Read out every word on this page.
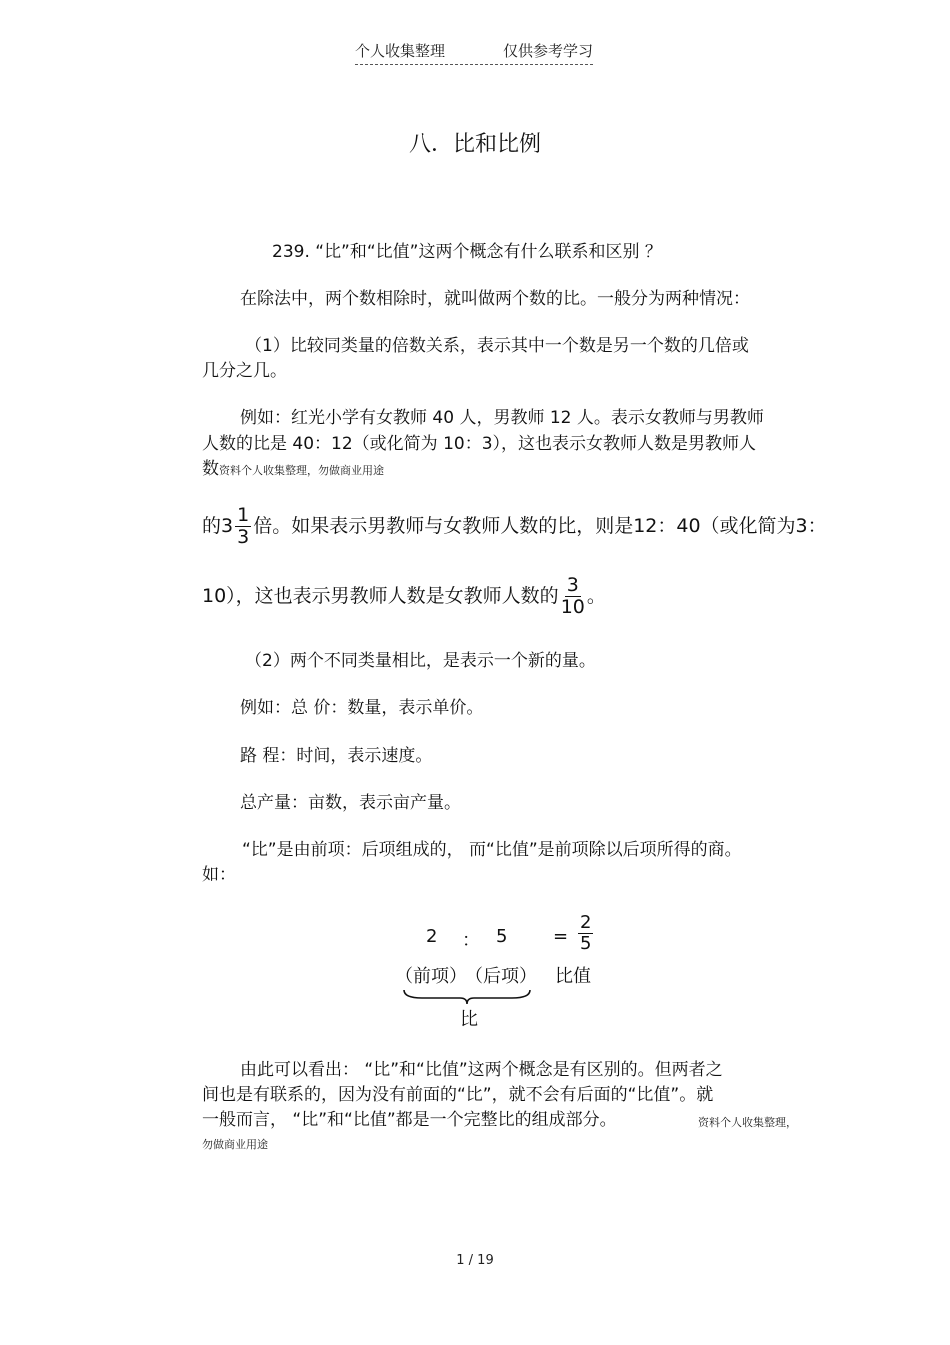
个人收集整理	仅供参考学习
八．比和比例
239. “比”和“比值”这两个概念有什么联系和区别 ？
在除法中，两个数相除时，就叫做两个数的比。一般分为两种情况：
（1）比较同类量的倍数关系，表示其中一个数是另一个数的几倍或
几分之几。
例如：红光小学有女教师 40 人，男教师 12 人。表示女教师与男教师
人数的比是 40：12（或化简为 10：3），这也表示女教师人数是男教师人
数资料个人收集整理，勿做商业用途
的$3 \frac{1}{3}$ 倍。如果表示男教师与女教师人数的比，则是12：40（或化简为3：
10），这也表示男教师人数是女教师人数的 $\frac{3}{10}$ 。
（2）两个不同类量相比，是表示一个新的量。
例如：总 价：数量，表示单价。
路 程：时间，表示速度。
总产量：亩数，表示亩产量。
“比”是由前项：后项组成的， 而“比值”是前项除以后项所得的商。
如：
2 ： 5	= $\frac{2}{5}$
（前项）
（后项） 比值
比
由此可以看出： “比”和“比值”这两个概念是有区别的。但两者之
间也是有联系的，因为没有前面的“比”，就不会有后面的“比值”。就
一般而言， “比”和“比值”都是一个完整比的组成部分。	资料个人收集整理，
勿做商业用途
1 / 19
